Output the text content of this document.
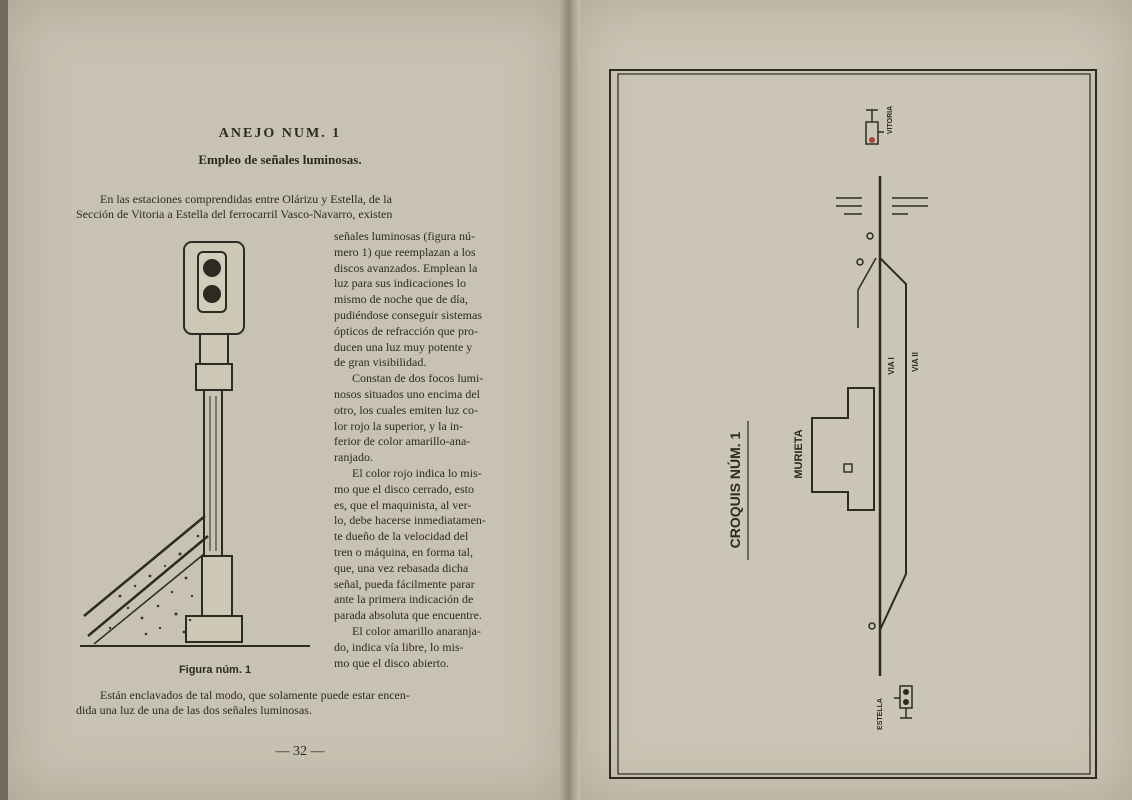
ANEJO NUM. 1
Empleo de señales luminosas.

En las estaciones comprendidas entre Olárizu y Estella, de la
Sección de Vitoria a Estella del ferrocarril Vasco-Navarro, existen

señales luminosas (figura nú-
mero 1) que reemplazan a los
discos avanzados. Emplean la
luz para sus indicaciones lo
mismo de noche que de día,
pudiéndose conseguir sistemas
ópticos de refracción que pro-
ducen una luz muy potente y
de gran visibilidad.
Constan de dos focos lumi-
nosos situados uno encima del
otro, los cuales emiten luz co-
lor rojo la superior, y la in-
ferior de color amarillo-ana-
ranjado.
El color rojo indica lo mis-
mo que el disco cerrado, esto
es, que el maquinista, al ver-
lo, debe hacerse inmediatamen-
te dueño de la velocidad del
tren o máquina, en forma tal,
que, una vez rebasada dicha
señal, pueda fácilmente parar
ante la primera indicación de
parada absoluta que encuentre.
El color amarillo anaranja-
do, indica vía libre, lo mis-
mo que el disco abierto.

Están enclavados de tal modo, que solamente puede estar encen-
dida una luz de una de las dos señales luminosas.

Figura núm. 1
— 32 —
CROQUIS NÚM. 1	MURIETA
VIA I VIA II
VITORIA
ESTELLA
